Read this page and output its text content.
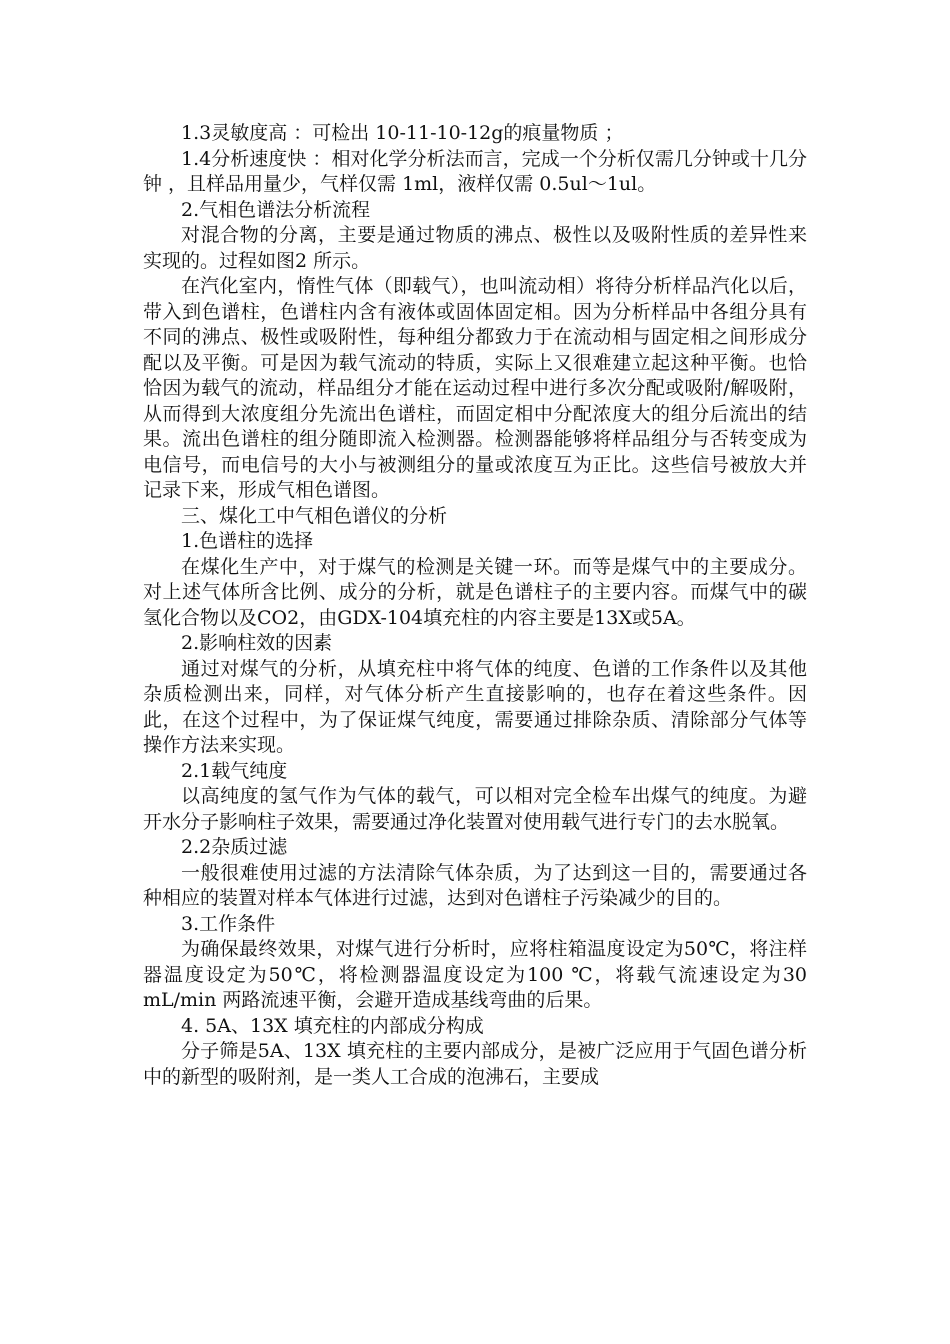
1.3灵敏度高 ：可检出 10-11-10-12g的痕量物质 ；

1.4分析速度快 ：相对化学分析法而言，完成一个分析仅需几分钟或十几分钟 ，且样品用量少，气样仅需 1ml，液样仅需 0.5ul～1ul。

2.气相色谱法分析流程

对混合物的分离，主要是通过物质的沸点、极性以及吸附性质的差异性来实现的。过程如图2 所示。

在汽化室内，惰性气体（即载气），也叫流动相）将待分析样品汽化以后，带入到色谱柱，色谱柱内含有液体或固体固定相。因为分析样品中各组分具有不同的沸点、极性或吸附性，每种组分都致力于在流动相与固定相之间形成分配以及平衡。可是因为载气流动的特质，实际上又很难建立起这种平衡。也恰恰因为载气的流动，样品组分才能在运动过程中进行多次分配或吸附/解吸附，从而得到大浓度组分先流出色谱柱，而固定相中分配浓度大的组分后流出的结果。流出色谱柱的组分随即流入检测器。检测器能够将样品组分与否转变成为电信号，而电信号的大小与被测组分的量或浓度互为正比。这些信号被放大并记录下来，形成气相色谱图。

三、煤化工中气相色谱仪的分析

1.色谱柱的选择

在煤化生产中，对于煤气的检测是关键一环。而等是煤气中的主要成分。对上述气体所含比例、成分的分析，就是色谱柱子的主要内容。而煤气中的碳氢化合物以及CO2，由GDX-104填充柱的内容主要是13X或5A。

2.影响柱效的因素

通过对煤气的分析，从填充柱中将气体的纯度、色谱的工作条件以及其他杂质检测出来，同样，对气体分析产生直接影响的，也存在着这些条件。因此，在这个过程中，为了保证煤气纯度，需要通过排除杂质、清除部分气体等操作方法来实现。

2.1载气纯度

以高纯度的氢气作为气体的载气，可以相对完全检车出煤气的纯度。为避开水分子影响柱子效果，需要通过净化装置对使用载气进行专门的去水脱氧。

2.2杂质过滤

一般很难使用过滤的方法清除气体杂质，为了达到这一目的，需要通过各种相应的装置对样本气体进行过滤，达到对色谱柱子污染减少的目的。

3.工作条件

为确保最终效果，对煤气进行分析时，应将柱箱温度设定为50℃，将注样器温度设定为50℃，将检测器温度设定为100 ℃，将载气流速设定为30 mL/min 两路流速平衡，会避开造成基线弯曲的后果。

4. 5A、13X 填充柱的内部成分构成

分子筛是5A、13X 填充柱的主要内部成分，是被广泛应用于气固色谱分析中的新型的吸附剂，是一类人工合成的泡沸石，主要成
